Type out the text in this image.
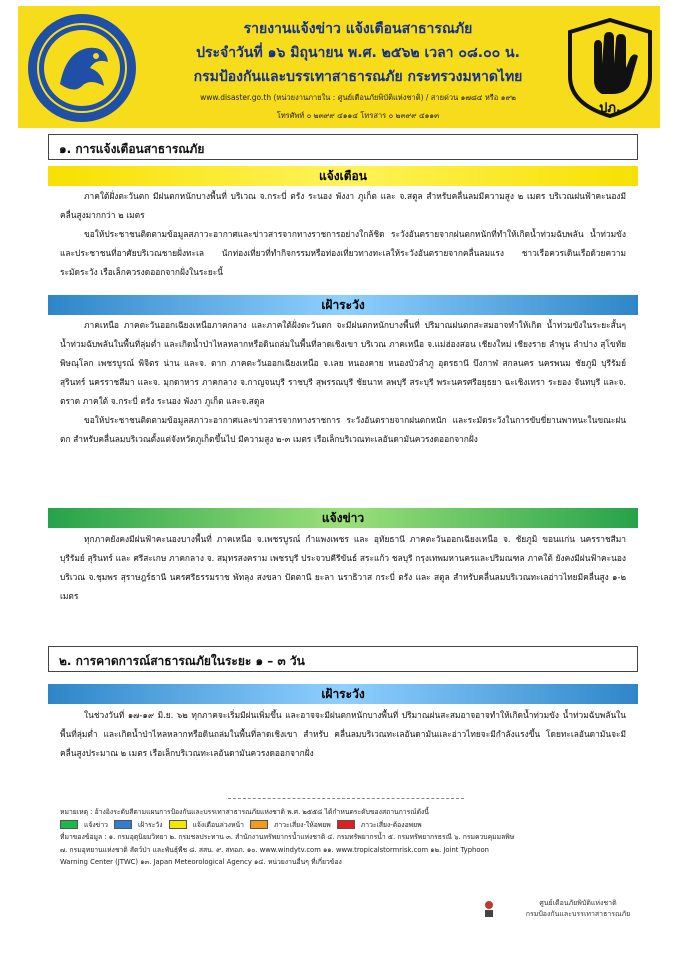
รายงานแจ้งข่าว แจ้งเตือนสาธารณภัย
ประจำวันที่ ๑๖ มิถุนายน พ.ศ. ๒๕๖๒ เวลา ๐๘.๐๐ น.
กรมป้องกันและบรรเทาสาธารณภัย กระทรวงมหาดไทย
www.disaster.go.th (หน่วยงานภายใน : ศูนย์เตือนภัยพิบัติแห่งชาติ) / สายด่วน ๑๗๘๔ หรือ ๑๙๒
โทรศัพท์ ๐ ๒๓๙๙ ๔๑๑๔ โทรสาร ๐ ๒๓๙๙ ๔๑๑๓	ปภ.
๑. การแจ้งเตือนสาธารณภัย
แจ้งเตือน

ภาคใต้ฝั่งตะวันตก มีฝนตกหนักบางพื้นที่ บริเวณ จ.กระบี่ ตรัง ระนอง พังงา ภูเก็ต และ จ.สตูล สำหรับคลื่นลมมีความสูง ๒ เมตร บริเวณฝนฟ้าคะนองมีคลื่นสูงมากกว่า ๒ เมตร

ขอให้ประชาชนติดตามข้อมูลสภาวะอากาศและข่าวสารจากทางราชการอย่างใกล้ชิด ระวังอันตรายจากฝนตกหนักที่ทำให้เกิดน้ำท่วมฉับพลัน น้ำท่วมขัง และประชาชนที่อาศัยบริเวณชายฝั่งทะเล นักท่องเที่ยวที่ทำกิจกรรมหรือท่องเที่ยวทางทะเลให้ระวังอันตรายจากคลื่นลมแรง ชาวเรือควรเดินเรือด้วยความระมัดระวัง เรือเล็กควรงดออกจากฝั่งในระยะนี้

เฝ้าระวัง

ภาคเหนือ ภาคตะวันออกเฉียงเหนือภาคกลาง และภาคใต้ฝั่งตะวันตก จะมีฝนตกหนักบางพื้นที่ ปริมาณฝนตกสะสมอาจทำให้เกิด น้ำท่วมขังในระยะสั้นๆ น้ำท่วมฉับพลันในพื้นที่ลุ่มต่ำ และเกิดน้ำป่าไหลหลากหรือดินถล่มในพื้นที่ลาดเชิงเขา บริเวณ ภาคเหนือ จ.แม่ฮ่องสอน เชียงใหม่ เชียงราย ลำพูน ลำปาง สุโขทัย พิษณุโลก เพชรบูรณ์ พิจิตร น่าน และจ. ตาก ภาคตะวันออกเฉียงเหนือ จ.เลย หนองคาย หนองบัวลำภู อุดรธานี บึงกาฬ สกลนคร นครพนม ชัยภูมิ บุรีรัมย์ สุรินทร์ นครราชสีมา และจ. มุกดาหาร ภาคกลาง จ.กาญจนบุรี ราชบุรี สุพรรณบุรี ชัยนาท ลพบุรี สระบุรี พระนครศรีอยุธยา ฉะเชิงเทรา ระยอง จันทบุรี และจ. ตราด ภาคใต้ จ.กระบี่ ตรัง ระนอง พังงา ภูเก็ต และจ.สตูล

ขอให้ประชาชนติดตามข้อมูลสภาวะอากาศและข่าวสารจากทางราชการ ระวังอันตรายจากฝนตกหนัก และระมัดระวังในการขับขี่ยานพาหนะในขณะฝนตก สำหรับคลื่นลมบริเวณตั้งแต่จังหวัดภูเก็ตขึ้นไป มีความสูง ๒-๓ เมตร เรือเล็กบริเวณทะเลอันดามันควรงดออกจากฝั่ง

แจ้งข่าว

ทุกภาคยังคงมีฝนฟ้าคะนองบางพื้นที่ ภาคเหนือ จ.เพชรบูรณ์ กำแพงเพชร และ อุทัยธานี ภาคตะวันออกเฉียงเหนือ จ. ชัยภูมิ ขอนแก่น นครราชสีมา บุรีรัมย์ สุรินทร์ และ ศรีสะเกษ ภาคกลาง จ. สมุทรสงคราม เพชรบุรี ประจวบคีรีขันธ์ สระแก้ว ชลบุรี กรุงเทพมหานครและปริมณฑล ภาคใต้ ยังคงมีฝนฟ้าคะนอง บริเวณ จ.ชุมพร สุราษฎร์ธานี นครศรีธรรมราช พัทลุง สงขลา ปัตตานี ยะลา นราธิวาส กระบี่ ตรัง และ สตูล สำหรับคลื่นลมบริเวณทะเลอ่าวไทยมีคลื่นสูง ๑-๒ เมตร

๒. การคาดการณ์สาธารณภัยในระยะ ๑ – ๓ วัน
เฝ้าระวัง

ในช่วงวันที่ ๑๗-๑๙ มิ.ย. ๖๒ ทุกภาคจะเริ่มมีฝนเพิ่มขึ้น และอาจจะมีฝนตกหนักบางพื้นที่ ปริมาณฝนสะสมอาจอาจทำให้เกิดน้ำท่วมขัง น้ำท่วมฉับพลันในพื้นที่ลุ่มต่ำ และเกิดน้ำป่าไหลหลากหรือดินถล่มในพื้นที่ลาดเชิงเขา สำหรับ คลื่นลมบริเวณทะเลอันดามันและอ่าวไทยจะมีกำลังแรงขึ้น โดยทะเลอันดามันจะมีคลื่นสูงประมาณ ๒ เมตร เรือเล็กบริเวณทะเลอันดามันควรงดออกจากฝั่ง

หมายเหตุ : อ้างอิงระดับสีตามแผนการป้องกันและบรรเทาสาธารณภัยแห่งชาติ พ.ศ. ๒๕๕๘ ได้กำหนดระดับของสถานการณ์ดังนี้
แจ้งข่าว	เฝ้าระวัง	แจ้งเตือนล่วงหน้า	ภาวะเสี่ยง-ให้อพยพ	ภาวะเสี่ยง-ต้องอพยพ
ที่มาของข้อมูล : ๑. กรมอุตุนิยมวิทยา ๒. กรมชลประทาน ๓. สำนักงานทรัพยากรน้ำแห่งชาติ ๔. กรมทรัพยากรน้ำ ๕. กรมทรัพยากรธรณี ๖. กรมควบคุมมลพิษ
๗. กรมอุทยานแห่งชาติ สัตว์ป่า และพันธุ์พืช ๘. สสน. ๙. สทอภ. ๑๐. www.windytv.com ๑๑. www.tropicalstormrisk.com ๑๒. Joint Typhoon
Warning Center (JTWC) ๑๓. Japan Meteorological Agency ๑๔. หน่วยงานอื่นๆ ที่เกี่ยวข้อง
ศูนย์เตือนภัยพิบัติแห่งชาติ
กรมป้องกันและบรรเทาสาธารณภัย
